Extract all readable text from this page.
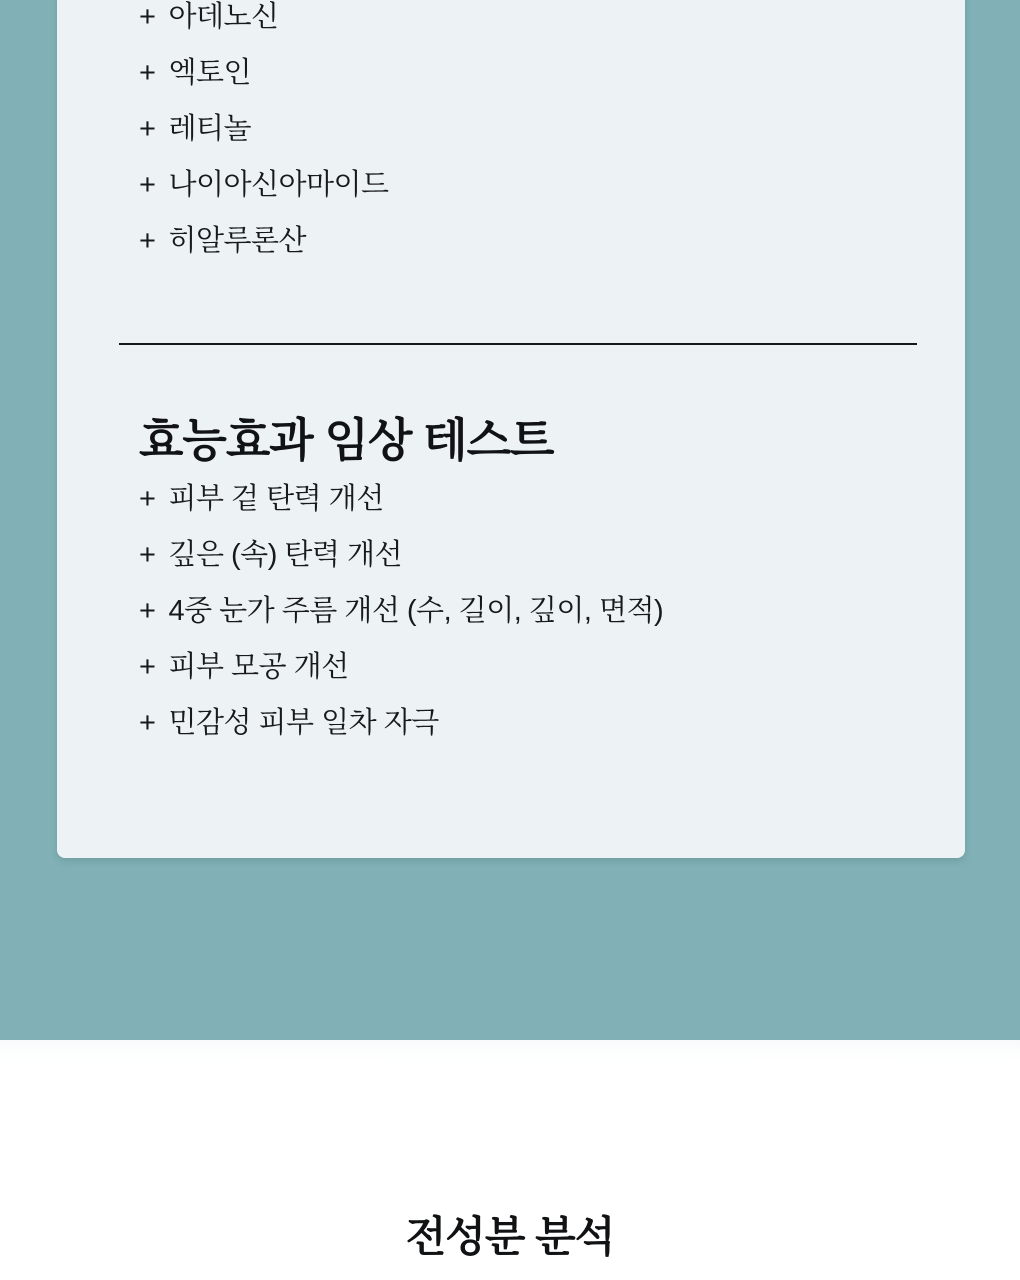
+ 아데노신
+ 엑토인
+ 레티놀
+ 나이아신아마이드
+ 히알루론산
효능효과 임상 테스트
+ 피부 겉 탄력 개선
+ 깊은 (속) 탄력 개선
+ 4중 눈가 주름 개선 (수, 길이, 깊이, 면적)
+ 피부 모공 개선
+ 민감성 피부 일차 자극
전성분 분석
